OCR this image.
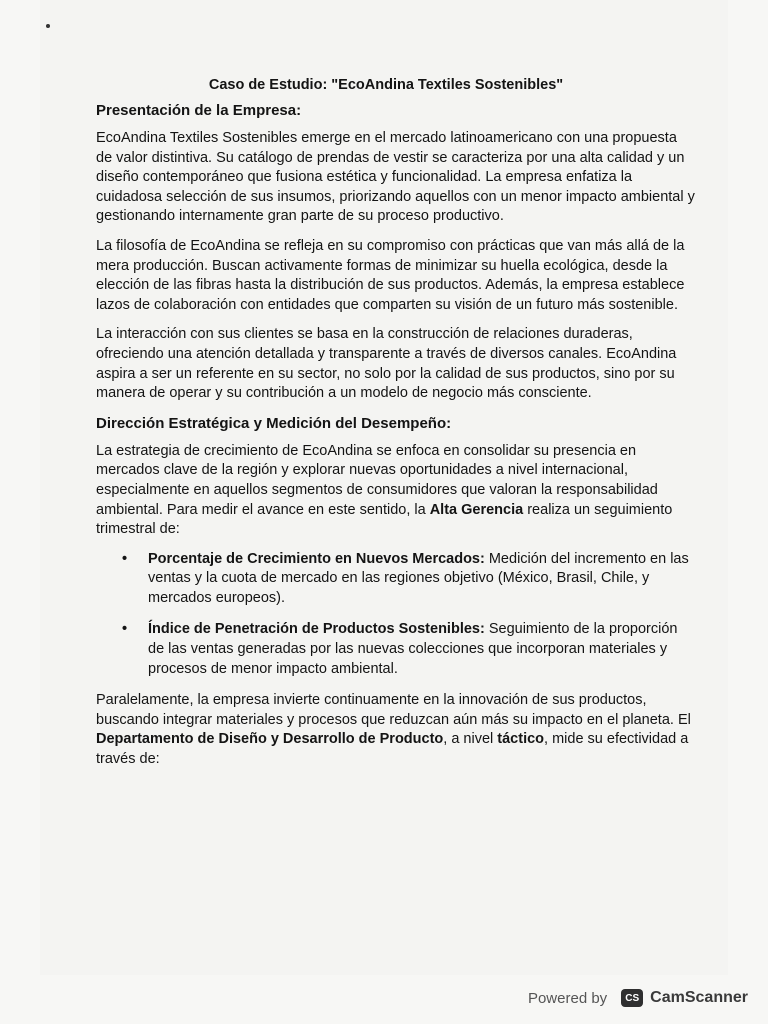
Caso de Estudio: "EcoAndina Textiles Sostenibles"
Presentación de la Empresa:

EcoAndina Textiles Sostenibles emerge en el mercado latinoamericano con una propuesta de valor distintiva. Su catálogo de prendas de vestir se caracteriza por una alta calidad y un diseño contemporáneo que fusiona estética y funcionalidad. La empresa enfatiza la cuidadosa selección de sus insumos, priorizando aquellos con un menor impacto ambiental y gestionando internamente gran parte de su proceso productivo.

La filosofía de EcoAndina se refleja en su compromiso con prácticas que van más allá de la mera producción. Buscan activamente formas de minimizar su huella ecológica, desde la elección de las fibras hasta la distribución de sus productos. Además, la empresa establece lazos de colaboración con entidades que comparten su visión de un futuro más sostenible.

La interacción con sus clientes se basa en la construcción de relaciones duraderas, ofreciendo una atención detallada y transparente a través de diversos canales. EcoAndina aspira a ser un referente en su sector, no solo por la calidad de sus productos, sino por su manera de operar y su contribución a un modelo de negocio más consciente.

Dirección Estratégica y Medición del Desempeño:

La estrategia de crecimiento de EcoAndina se enfoca en consolidar su presencia en mercados clave de la región y explorar nuevas oportunidades a nivel internacional, especialmente en aquellos segmentos de consumidores que valoran la responsabilidad ambiental. Para medir el avance en este sentido, la Alta Gerencia realiza un seguimiento trimestral de:

• Porcentaje de Crecimiento en Nuevos Mercados: Medición del incremento en las ventas y la cuota de mercado en las regiones objetivo (México, Brasil, Chile, y mercados europeos).
• Índice de Penetración de Productos Sostenibles: Seguimiento de la proporción de las ventas generadas por las nuevas colecciones que incorporan materiales y procesos de menor impacto ambiental.

Paralelamente, la empresa invierte continuamente en la innovación de sus productos, buscando integrar materiales y procesos que reduzcan aún más su impacto en el planeta. El Departamento de Diseño y Desarrollo de Producto, a nivel táctico, mide su efectividad a través de:

Powered by	CS CamScanner
